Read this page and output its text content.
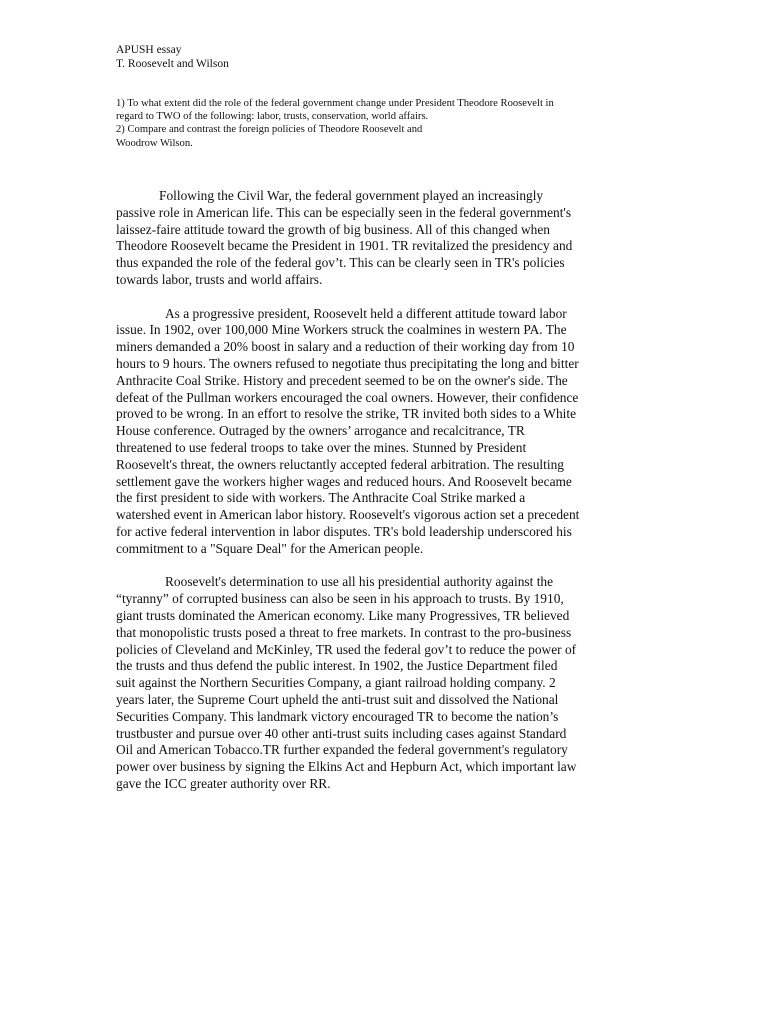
APUSH essay
T. Roosevelt and Wilson
1) To what extent did the role of the federal government change under President Theodore Roosevelt in
regard to TWO of the following: labor, trusts, conservation, world affairs.
2) Compare and contrast the foreign policies of Theodore Roosevelt and
Woodrow Wilson.
Following the Civil War, the federal government played an increasingly
passive role in American life. This can be especially seen in the federal government's
laissez-faire attitude toward the growth of big business. All of this changed when
Theodore Roosevelt became the President in 1901. TR revitalized the presidency and
thus expanded the role of the federal gov’t. This can be clearly seen in TR's policies
towards labor, trusts and world affairs.
As a progressive president, Roosevelt held a different attitude toward labor
issue. In 1902, over 100,000 Mine Workers struck the coalmines in western PA. The
miners demanded a 20% boost in salary and a reduction of their working day from 10
hours to 9 hours. The owners refused to negotiate thus precipitating the long and bitter
Anthracite Coal Strike. History and precedent seemed to be on the owner's side. The
defeat of the Pullman workers encouraged the coal owners. However, their confidence
proved to be wrong. In an effort to resolve the strike, TR invited both sides to a White
House conference. Outraged by the owners’ arrogance and recalcitrance, TR
threatened to use federal troops to take over the mines. Stunned by President
Roosevelt's threat, the owners reluctantly accepted federal arbitration. The resulting
settlement gave the workers higher wages and reduced hours. And Roosevelt became
the first president to side with workers. The Anthracite Coal Strike marked a
watershed event in American labor history. Roosevelt's vigorous action set a precedent
for active federal intervention in labor disputes. TR's bold leadership underscored his
commitment to a "Square Deal" for the American people.
Roosevelt's determination to use all his presidential authority against the
“tyranny” of corrupted business can also be seen in his approach to trusts. By 1910,
giant trusts dominated the American economy. Like many Progressives, TR believed
that monopolistic trusts posed a threat to free markets. In contrast to the pro-business
policies of Cleveland and McKinley, TR used the federal gov’t to reduce the power of
the trusts and thus defend the public interest. In 1902, the Justice Department filed
suit against the Northern Securities Company, a giant railroad holding company. 2
years later, the Supreme Court upheld the anti-trust suit and dissolved the National
Securities Company. This landmark victory encouraged TR to become the nation’s
trustbuster and pursue over 40 other anti-trust suits including cases against Standard
Oil and American Tobacco.TR further expanded the federal government's regulatory
power over business by signing the Elkins Act and Hepburn Act, which important law
gave the ICC greater authority over RR.
